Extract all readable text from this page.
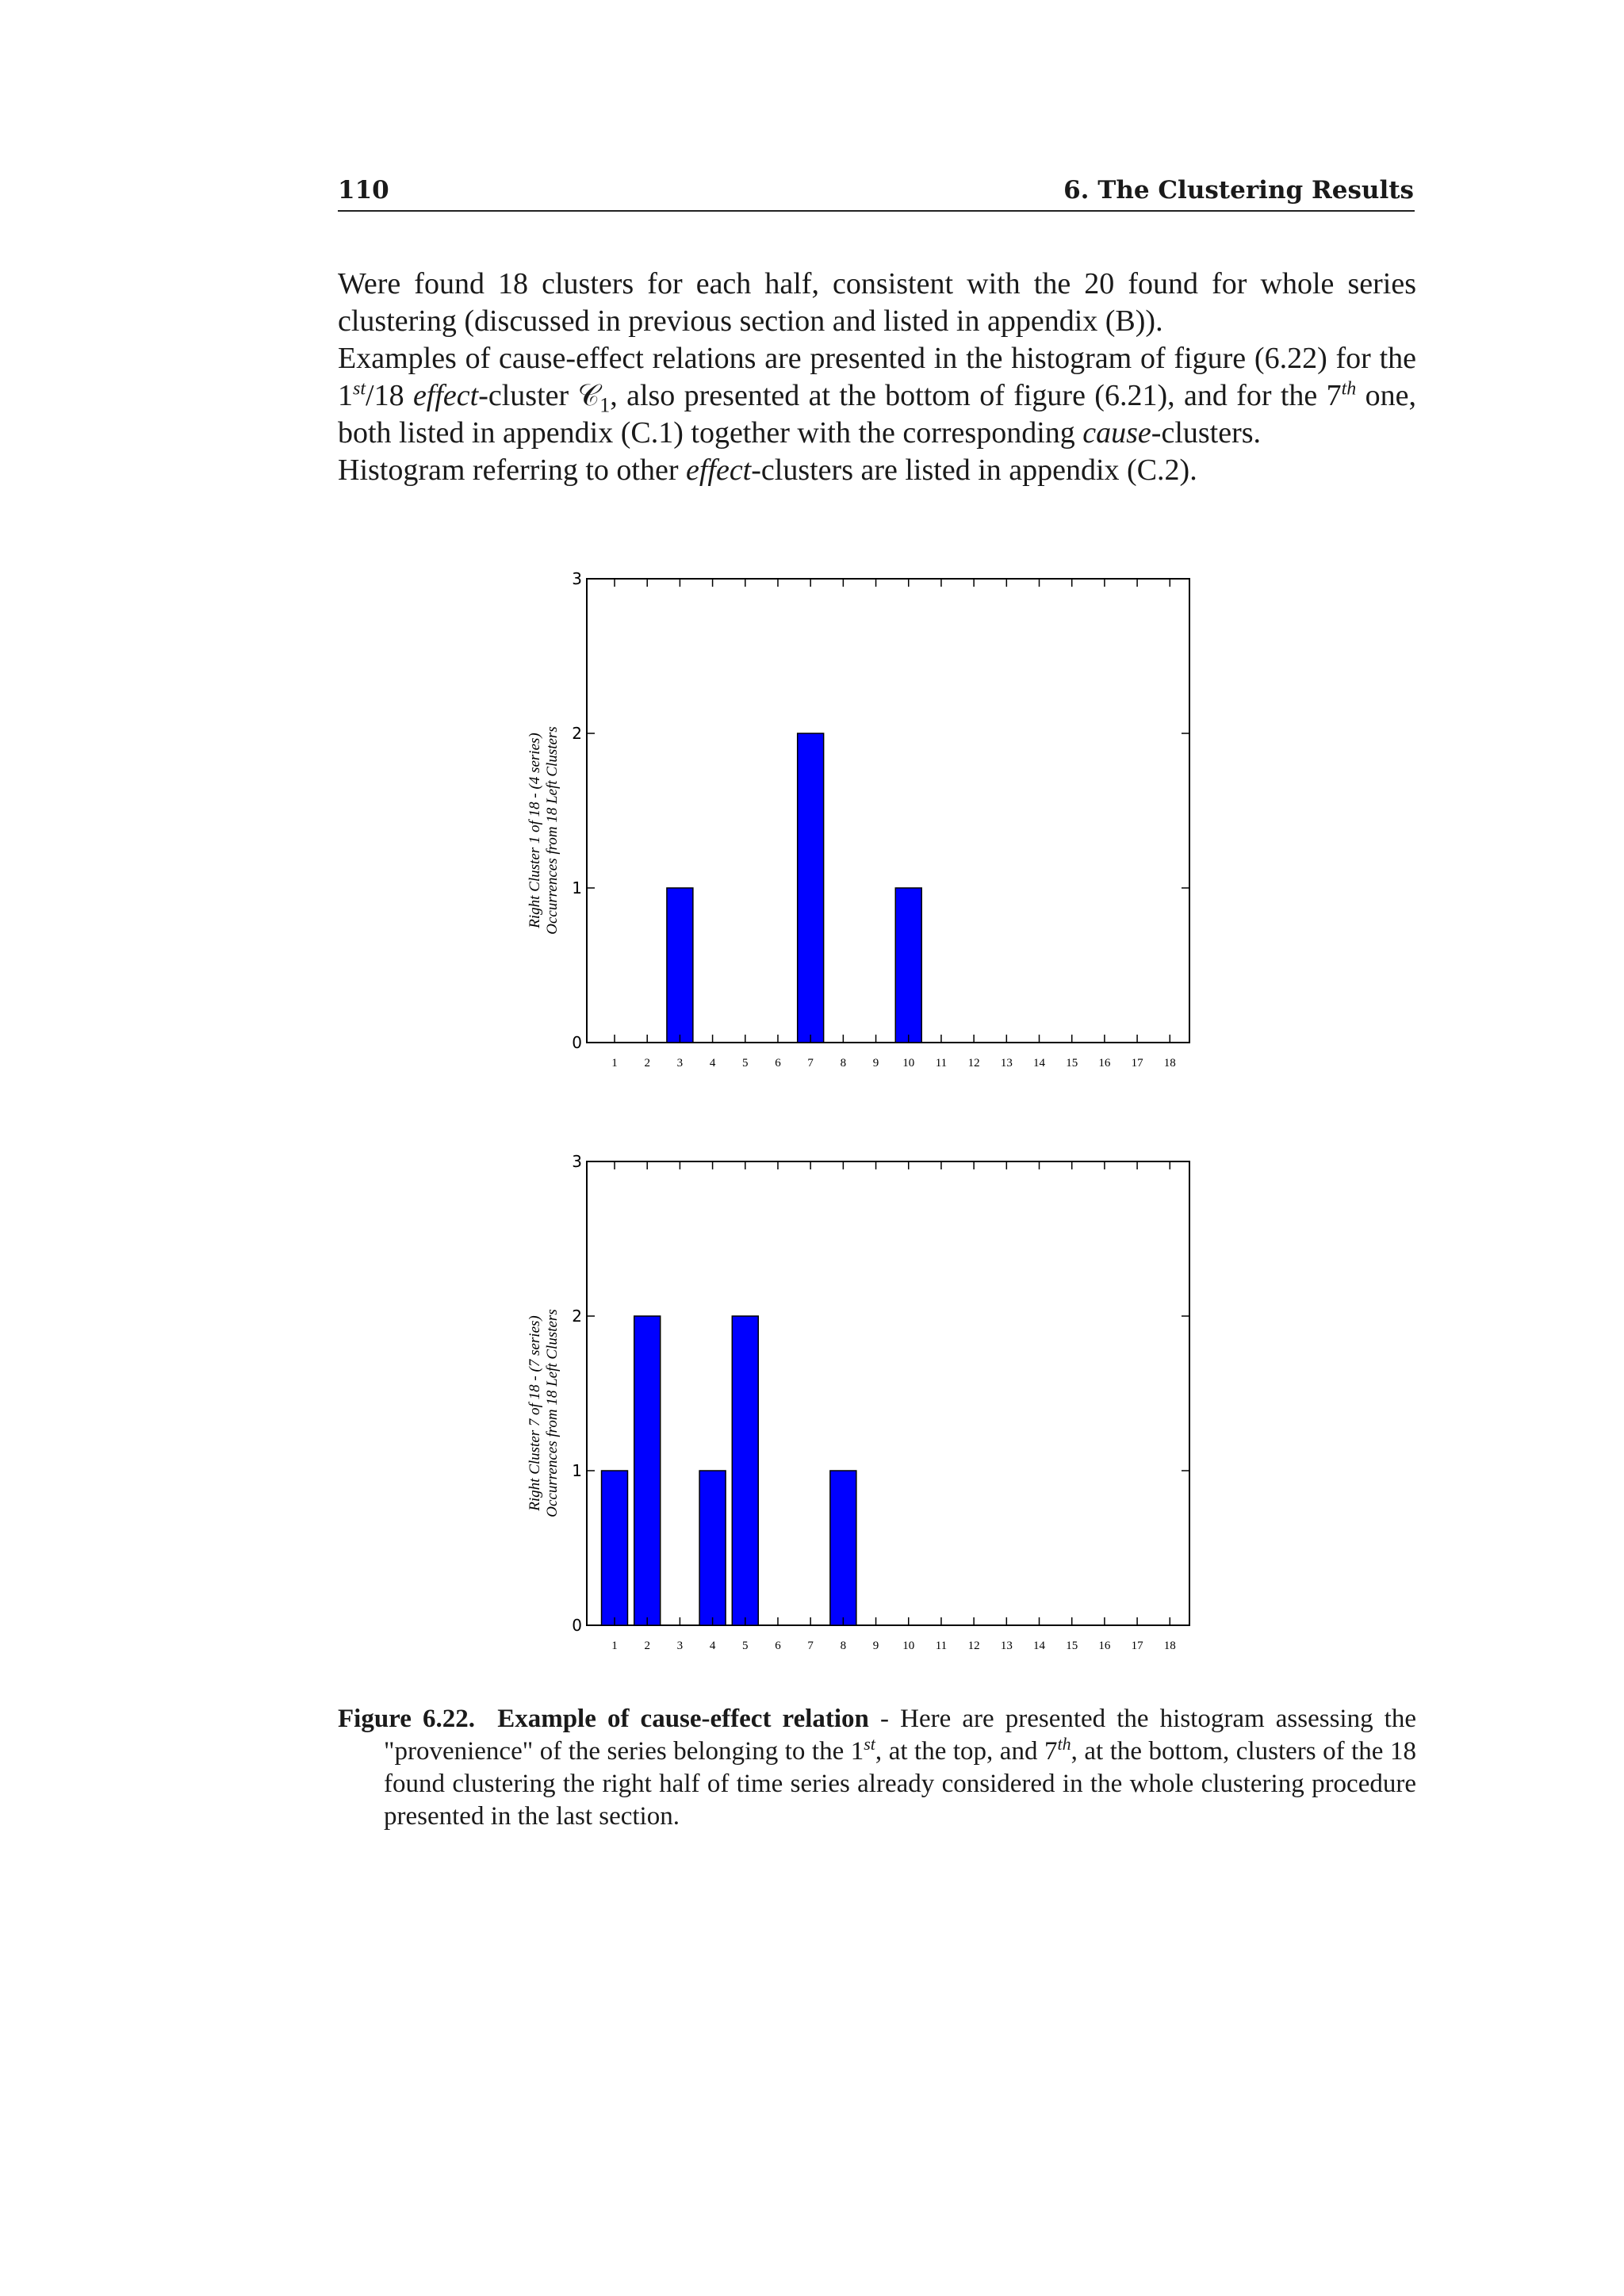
110	6. The Clustering Results

Were found 18 clusters for each half, consistent with the 20 found for whole series clustering (discussed in previous section and listed in appendix (B)).

Examples of cause-effect relations are presented in the histogram of figure (6.22) for the 1st/18 effect-cluster 𝒞$_1$, also presented at the bottom of figure (6.21), and for the 7th one, both listed in appendix (C.1) together with the corresponding cause-clusters.

Histogram referring to other effect-clusters are listed in appendix (C.2).

0
1
2
3
1 2 3 4 5 6 7 8 9 10 11 12 13 14 15 16 17 18
Right Cluster 1 of 18 - (4 series) Occurrences from 18 Left Clusters
0
1
2
3
1 2 3 4 5 6 7 8 9 10 11 12 13 14 15 16 17 18
Right Cluster 7 of 18 - (7 series) Occurrences from 18 Left Clusters

Figure 6.22. Example of cause-effect relation - Here are presented the histogram assessing the "provenience" of the series belonging to the 1st, at the top, and 7th, at the bottom, clusters of the 18 found clustering the right half of time series already considered in the whole clustering procedure presented in the last section.
